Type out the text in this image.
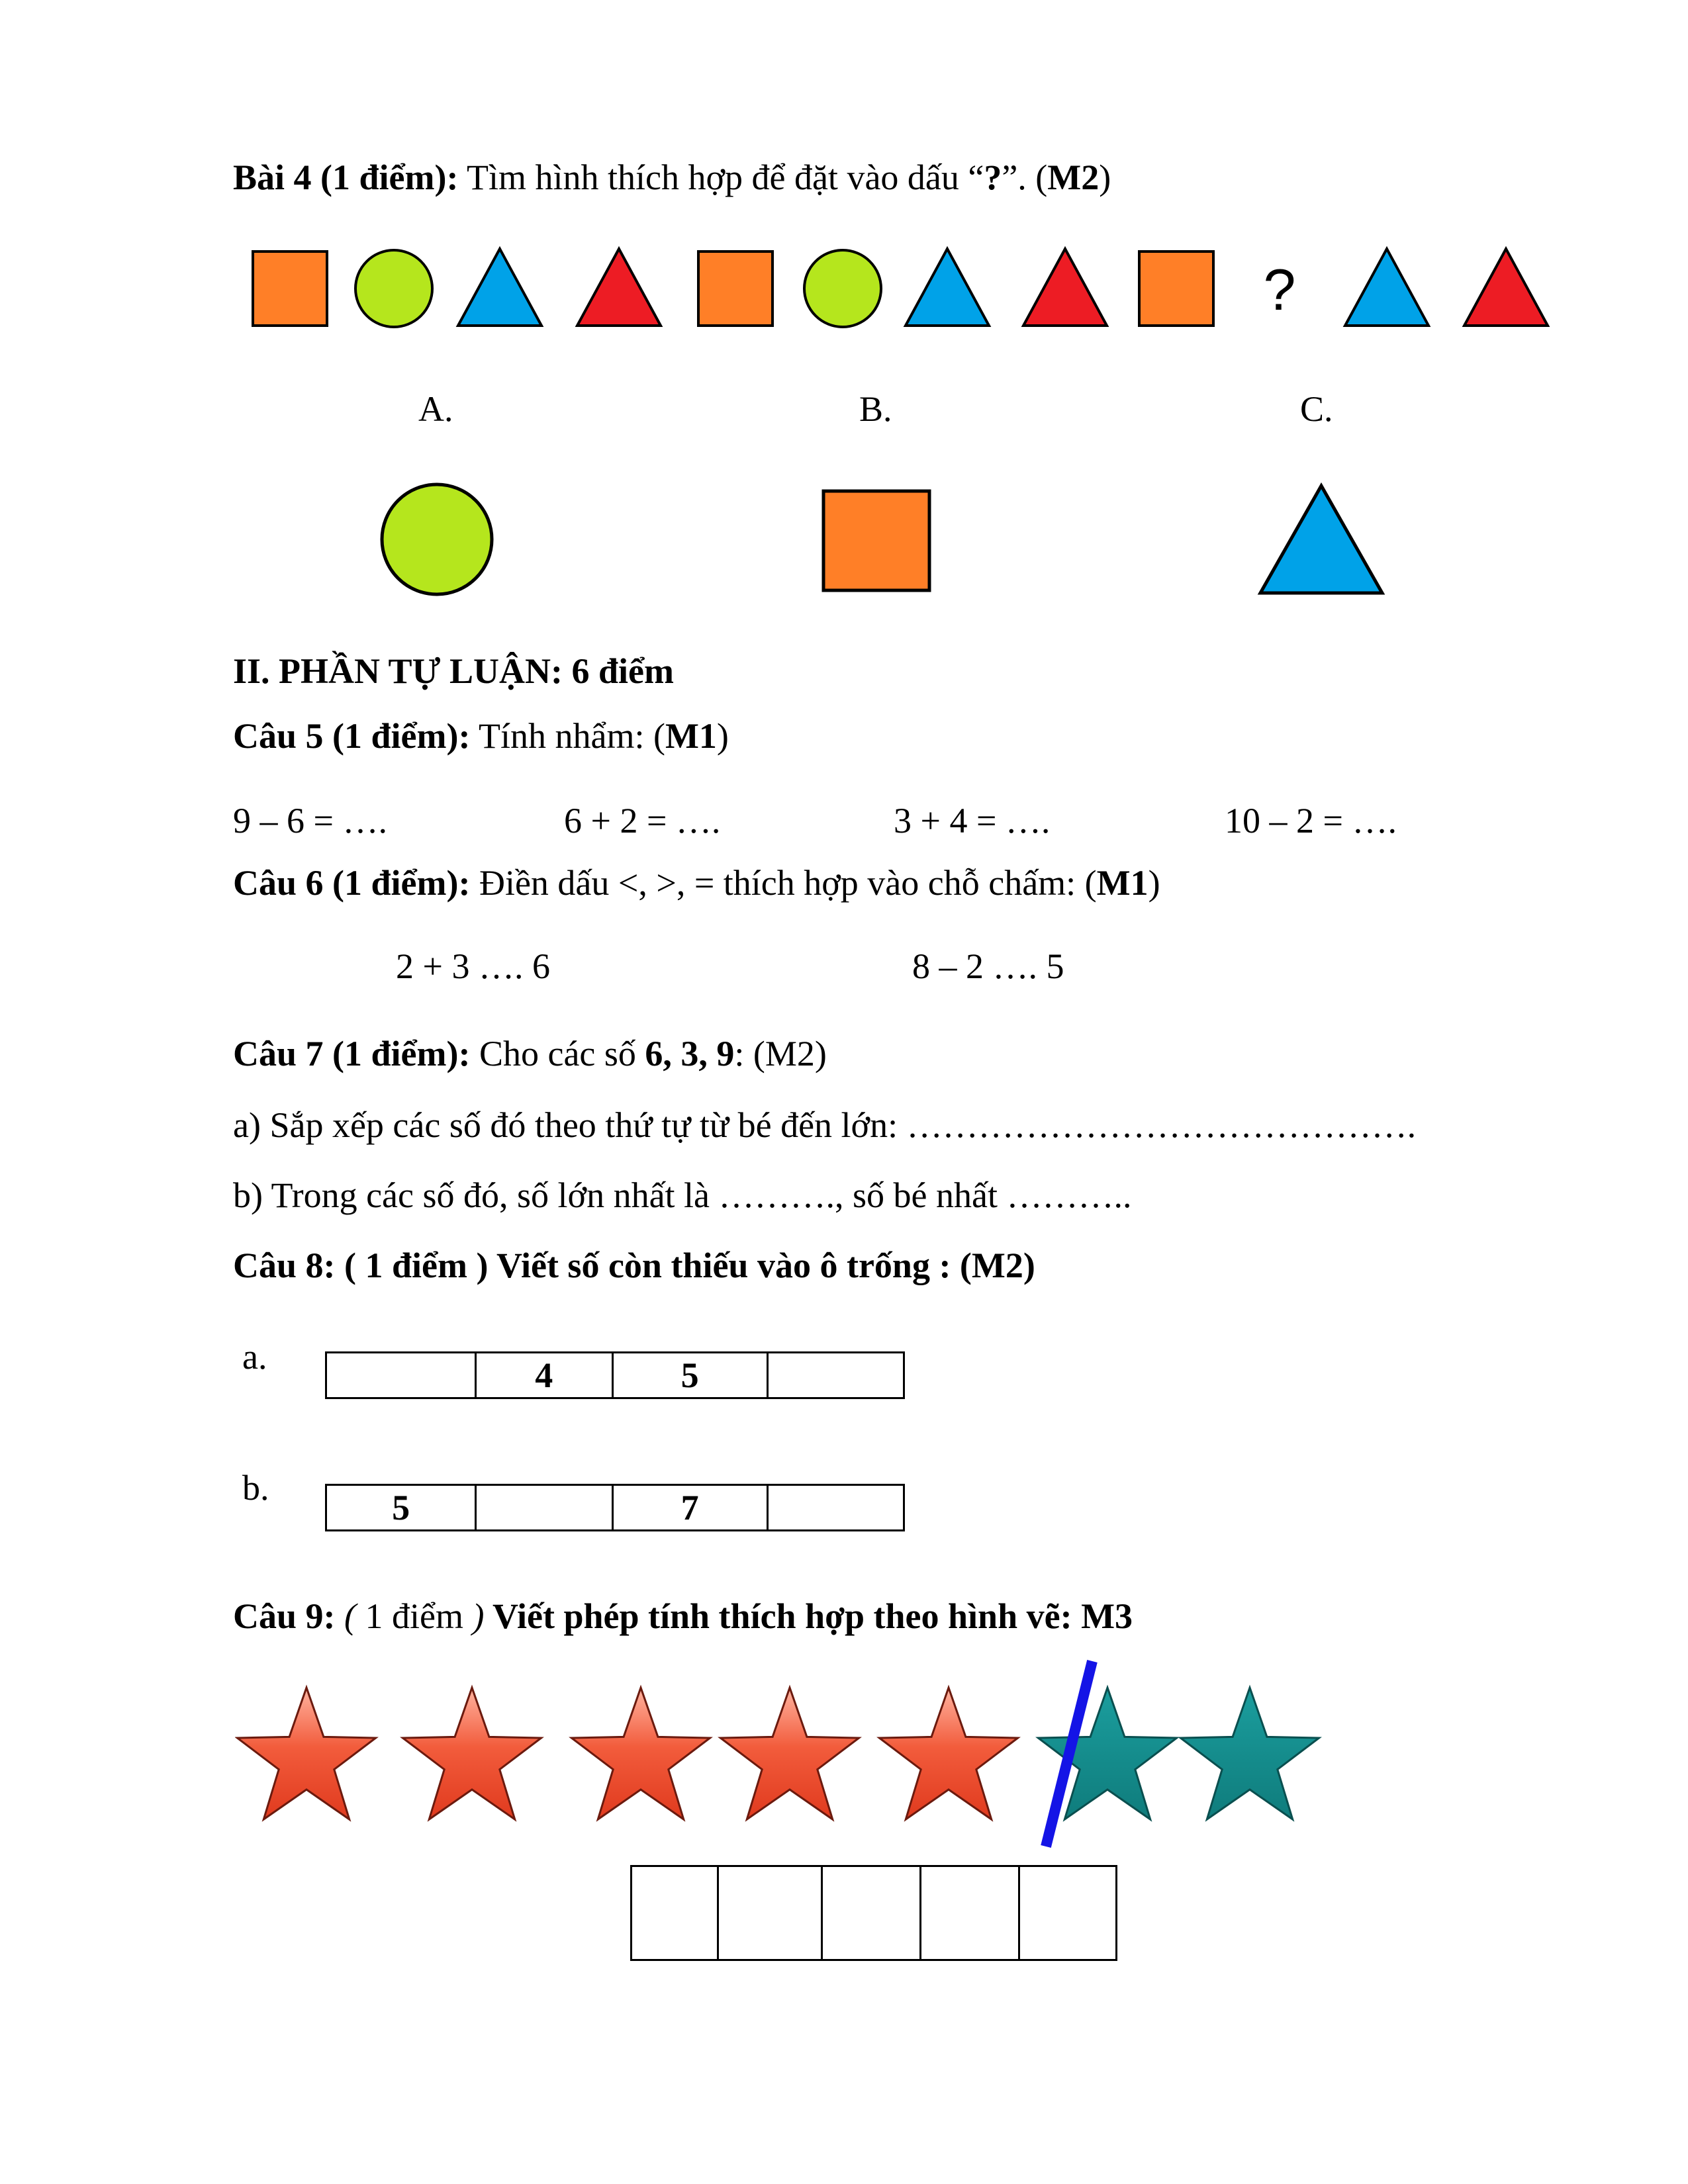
Bài 4 (1 điểm): Tìm hình thích hợp để đặt vào dấu “?”. (M2)
?
A.	B.	C.
II. PHẦN TỰ LUẬN: 6 điểm
Câu 5 (1 điểm): Tính nhẩm: (M1)
9 – 6 = ….	6 + 2 = ….	3 + 4 = ….	10 – 2 = ….
Câu 6 (1 điểm): Điền dấu <, >, = thích hợp vào chỗ chấm: (M1)
2 + 3 …. 6	8 – 2 …. 5
Câu 7 (1 điểm): Cho các số 6, 3, 9: (M2)
a) Sắp xếp các số đó theo thứ tự từ bé đến lớn: …………………………………….
b) Trong các số đó, số lớn nhất là ………., số bé nhất ………..
Câu 8: ( 1 điểm ) Viết số còn thiếu vào ô trống : (M2)
a.
		4	5	
b.	5		7	
Câu 9: ( 1 điểm ) Viết phép tính thích hợp theo hình vẽ: M3
